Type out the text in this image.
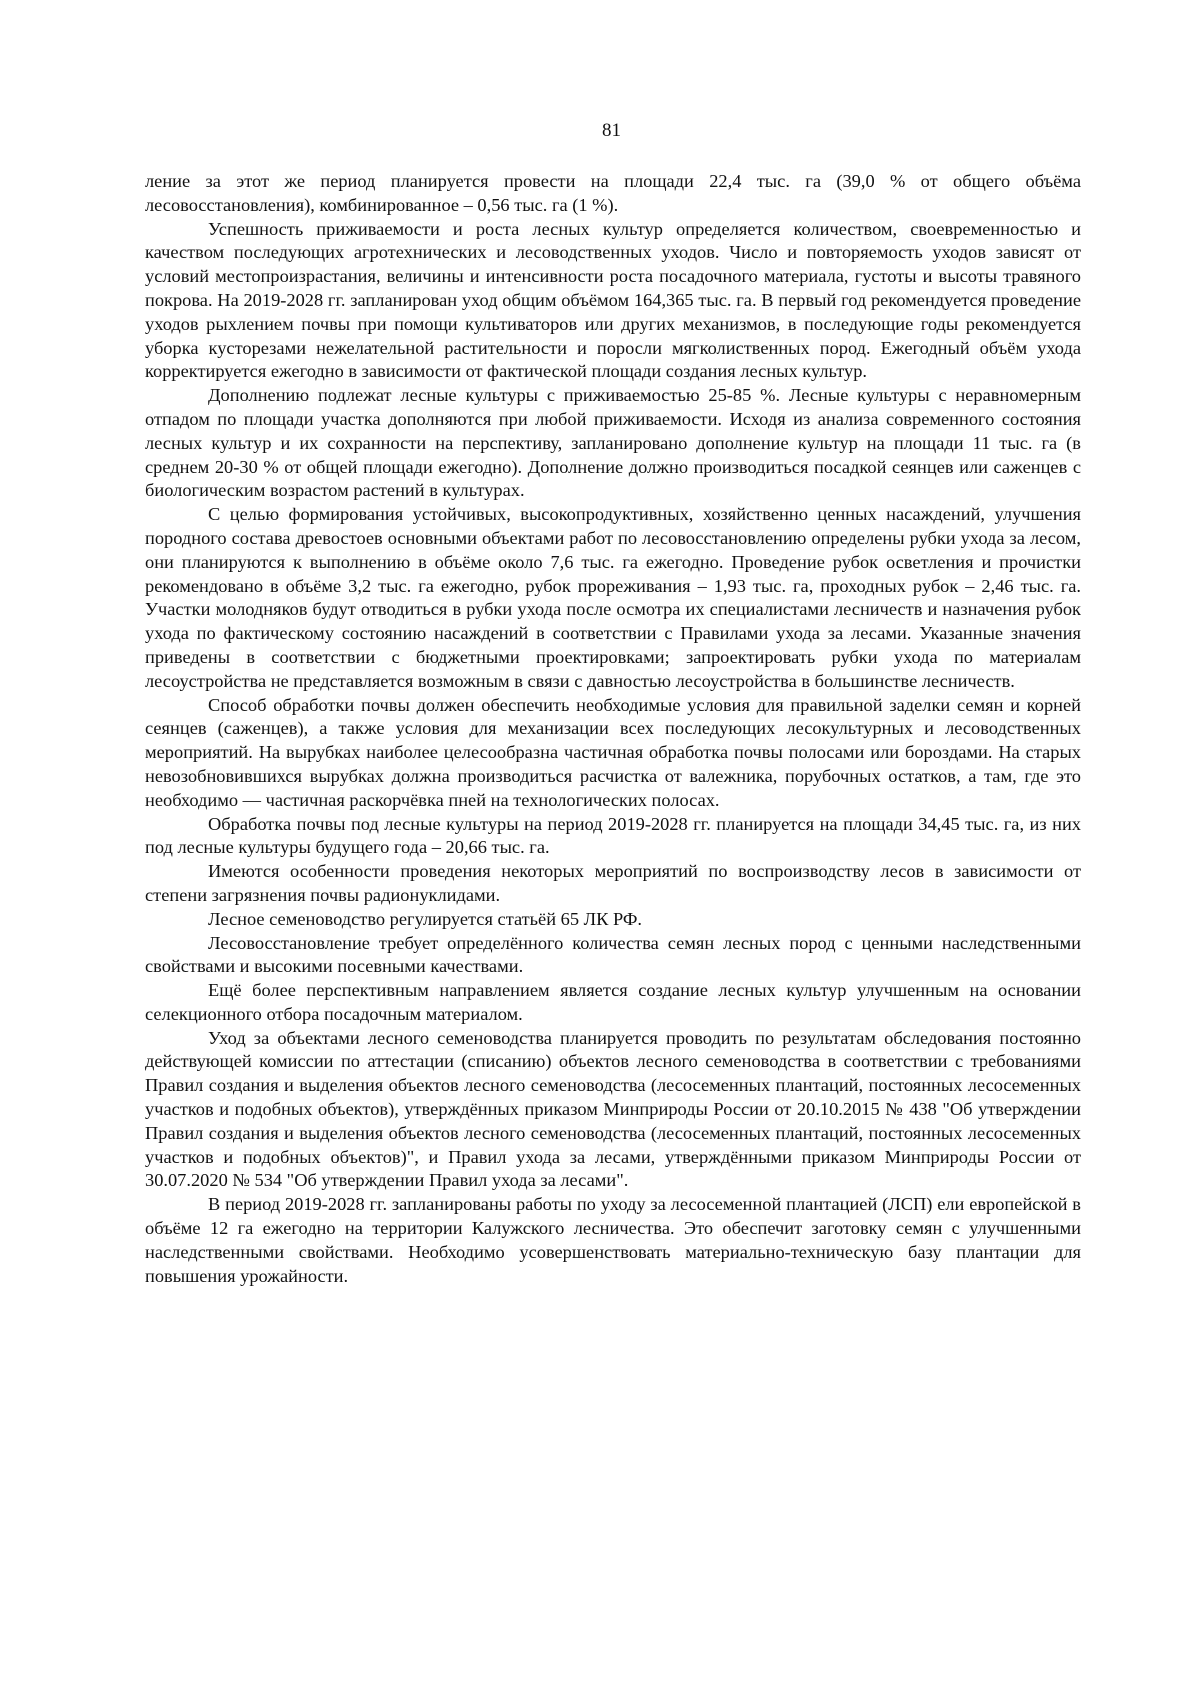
81

ление за этот же период планируется провести на площади 22,4 тыс. га (39,0 % от общего объёма лесовосстановления), комбинированное – 0,56 тыс. га (1 %).

Успешность приживаемости и роста лесных культур определяется количеством, своевременностью и качеством последующих агротехнических и лесоводственных уходов. Число и повторяемость уходов зависят от условий местопроизрастания, величины и интенсивности роста посадочного материала, густоты и высоты травяного покрова. На 2019-2028 гг. запланирован уход общим объёмом 164,365 тыс. га. В первый год рекомендуется проведение уходов рыхлением почвы при помощи культиваторов или других механизмов, в последующие годы рекомендуется уборка кусторезами нежелательной растительности и поросли мягколиственных пород. Ежегодный объём ухода корректируется ежегодно в зависимости от фактической площади создания лесных культур.

Дополнению подлежат лесные культуры с приживаемостью 25-85 %. Лесные культуры с неравномерным отпадом по площади участка дополняются при любой приживаемости. Исходя из анализа современного состояния лесных культур и их сохранности на перспективу, запланировано дополнение культур на площади 11 тыс. га (в среднем 20-30 % от общей площади ежегодно). Дополнение должно производиться посадкой сеянцев или саженцев с биологическим возрастом растений в культурах.

С целью формирования устойчивых, высокопродуктивных, хозяйственно ценных насаждений, улучшения породного состава древостоев основными объектами работ по лесовосстановлению определены рубки ухода за лесом, они планируются к выполнению в объёме около 7,6 тыс. га ежегодно. Проведение рубок осветления и прочистки рекомендовано в объёме 3,2 тыс. га ежегодно, рубок прореживания – 1,93 тыс. га, проходных рубок – 2,46 тыс. га. Участки молодняков будут отводиться в рубки ухода после осмотра их специалистами лесничеств и назначения рубок ухода по фактическому состоянию насаждений в соответствии с Правилами ухода за лесами. Указанные значения приведены в соответствии с бюджетными проектировками; запроектировать рубки ухода по материалам лесоустройства не представляется возможным в связи с давностью лесоустройства в большинстве лесничеств.

Способ обработки почвы должен обеспечить необходимые условия для правильной заделки семян и корней сеянцев (саженцев), а также условия для механизации всех последующих лесокультурных и лесоводственных мероприятий. На вырубках наиболее целесообразна частичная обработка почвы полосами или бороздами. На старых невозобновившихся вырубках должна производиться расчистка от валежника, порубочных остатков, а там, где это необходимо — частичная раскорчёвка пней на технологических полосах.

Обработка почвы под лесные культуры на период 2019-2028 гг. планируется на площади 34,45 тыс. га, из них под лесные культуры будущего года – 20,66 тыс. га.

Имеются особенности проведения некоторых мероприятий по воспроизводству лесов в зависимости от степени загрязнения почвы радионуклидами.

Лесное семеноводство регулируется статьёй 65 ЛК РФ.

Лесовосстановление требует определённого количества семян лесных пород с ценными наследственными свойствами и высокими посевными качествами.

Ещё более перспективным направлением является создание лесных культур улучшенным на основании селекционного отбора посадочным материалом.

Уход за объектами лесного семеноводства планируется проводить по результатам обследования постоянно действующей комиссии по аттестации (списанию) объектов лесного семеноводства в соответствии с требованиями Правил создания и выделения объектов лесного семеноводства (лесосеменных плантаций, постоянных лесосеменных участков и подобных объектов), утверждённых приказом Минприроды России от 20.10.2015 № 438 "Об утверждении Правил создания и выделения объектов лесного семеноводства (лесосеменных плантаций, постоянных лесосеменных участков и подобных объектов)", и Правил ухода за лесами, утверждёнными приказом Минприроды России от 30.07.2020 № 534 "Об утверждении Правил ухода за лесами".

В период 2019-2028 гг. запланированы работы по уходу за лесосеменной плантацией (ЛСП) ели европейской в объёме 12 га ежегодно на территории Калужского лесничества. Это обеспечит заготовку семян с улучшенными наследственными свойствами. Необходимо усовершенствовать материально-техническую базу плантации для повышения урожайности.
